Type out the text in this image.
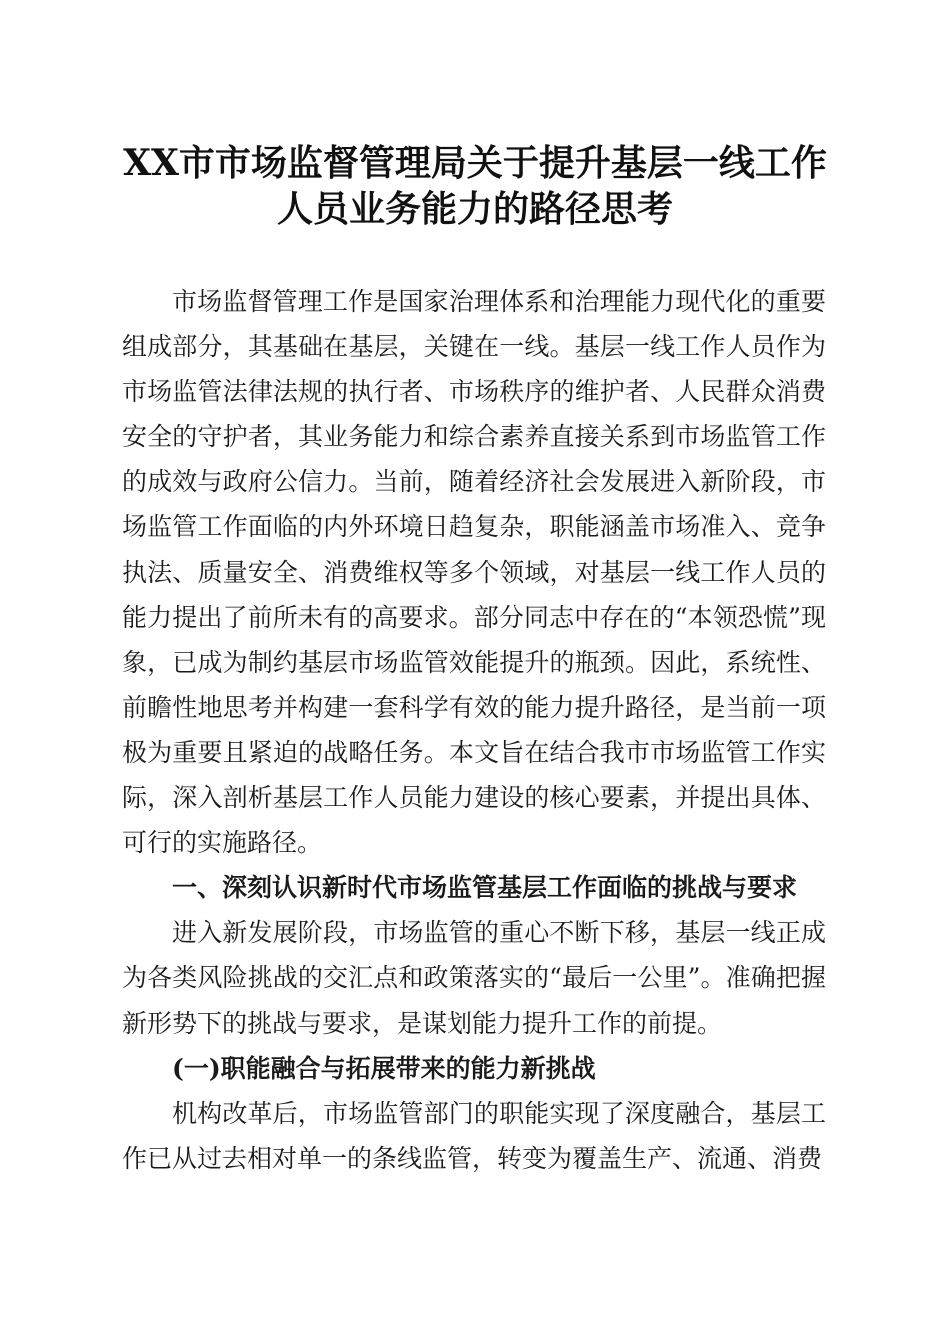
XX市市场监督管理局关于提升基层一线工作
人员业务能力的路径思考

市场监督管理工作是国家治理体系和治理能力现代化的重要组成部分，其基础在基层，关键在一线。基层一线工作人员作为市场监管法律法规的执行者、市场秩序的维护者、人民群众消费安全的守护者，其业务能力和综合素养直接关系到市场监管工作的成效与政府公信力。当前，随着经济社会发展进入新阶段，市场监管工作面临的内外环境日趋复杂，职能涵盖市场准入、竞争执法、质量安全、消费维权等多个领域，对基层一线工作人员的能力提出了前所未有的高要求。部分同志中存在的“本领恐慌”现象，已成为制约基层市场监管效能提升的瓶颈。因此，系统性、前瞻性地思考并构建一套科学有效的能力提升路径，是当前一项极为重要且紧迫的战略任务。本文旨在结合我市市场监管工作实际，深入剖析基层工作人员能力建设的核心要素，并提出具体、可行的实施路径。

一、深刻认识新时代市场监管基层工作面临的挑战与要求

进入新发展阶段，市场监管的重心不断下移，基层一线正成为各类风险挑战的交汇点和政策落实的“最后一公里”。准确把握新形势下的挑战与要求，是谋划能力提升工作的前提。

(一)职能融合与拓展带来的能力新挑战

机构改革后，市场监管部门的职能实现了深度融合，基层工作已从过去相对单一的条线监管，转变为覆盖生产、流通、消费
